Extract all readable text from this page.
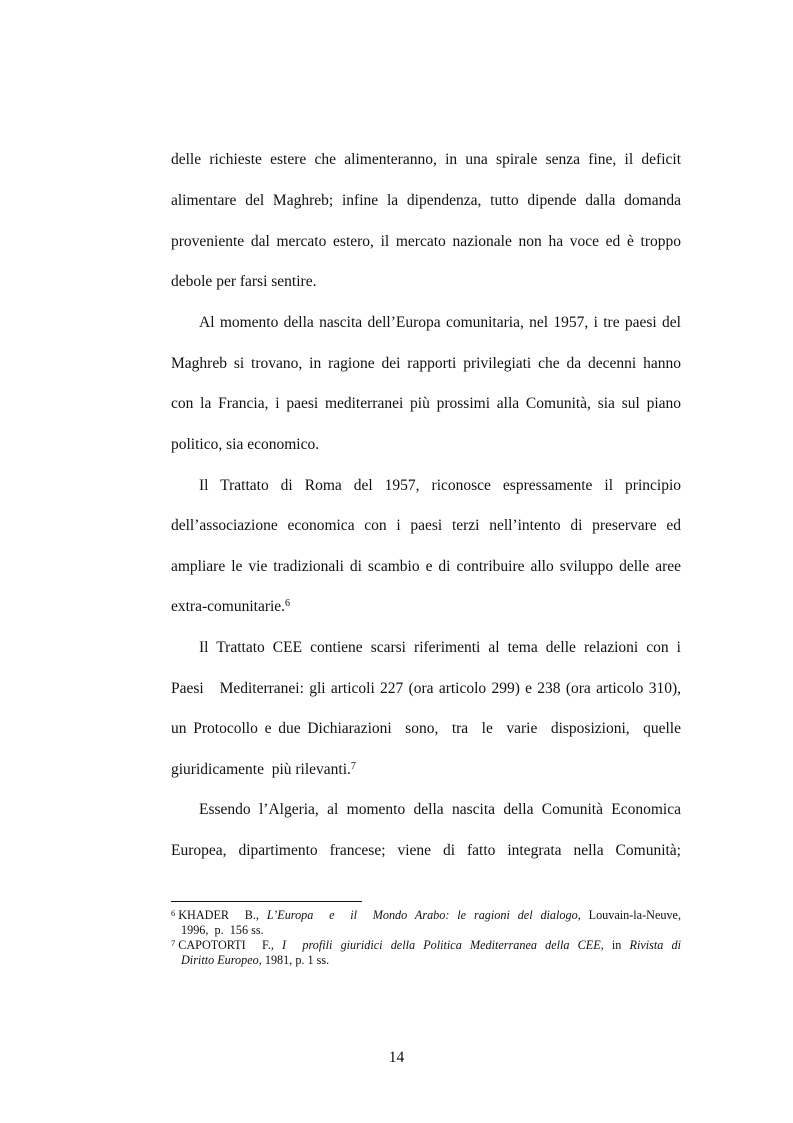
delle richieste estere che alimenteranno, in una spirale senza fine, il deficit
alimentare del Maghreb; infine la dipendenza, tutto dipende dalla domanda
proveniente dal mercato estero, il mercato nazionale non ha voce ed è troppo
debole per farsi sentire.
Al momento della nascita dell’Europa comunitaria, nel 1957, i tre paesi del
Maghreb si trovano, in ragione dei rapporti privilegiati che da decenni hanno
con la Francia, i paesi mediterranei più prossimi alla Comunità, sia sul piano
politico, sia economico.
Il Trattato di Roma del 1957, riconosce espressamente il principio
dell’associazione economica con i paesi terzi nell’intento di preservare ed
ampliare le vie tradizionali di scambio e di contribuire allo sviluppo delle aree
extra-comunitarie.$^6$
Il Trattato CEE contiene scarsi riferimenti al tema delle relazioni con i
Paesi   Mediterranei: gli articoli 227 (ora articolo 299) e 238 (ora articolo 310),
un Protocollo e due Dichiarazioni  sono,  tra  le  varie  disposizioni,  quelle
giuridicamente  più rilevanti.$^7$
Essendo l’Algeria, al momento della nascita della Comunità Economica
Europea, dipartimento francese; viene di fatto integrata nella Comunità;
$^6$ KHADER  B., L’Europa  e  il  Mondo Arabo: le ragioni del dialogo, Louvain-la-Neuve,
1996,  p.  156 ss.
$^7$ CAPOTORTI  F., I  profili giuridici della Politica Mediterranea della CEE, in Rivista di
Diritto Europeo, 1981, p. 1 ss.
14
